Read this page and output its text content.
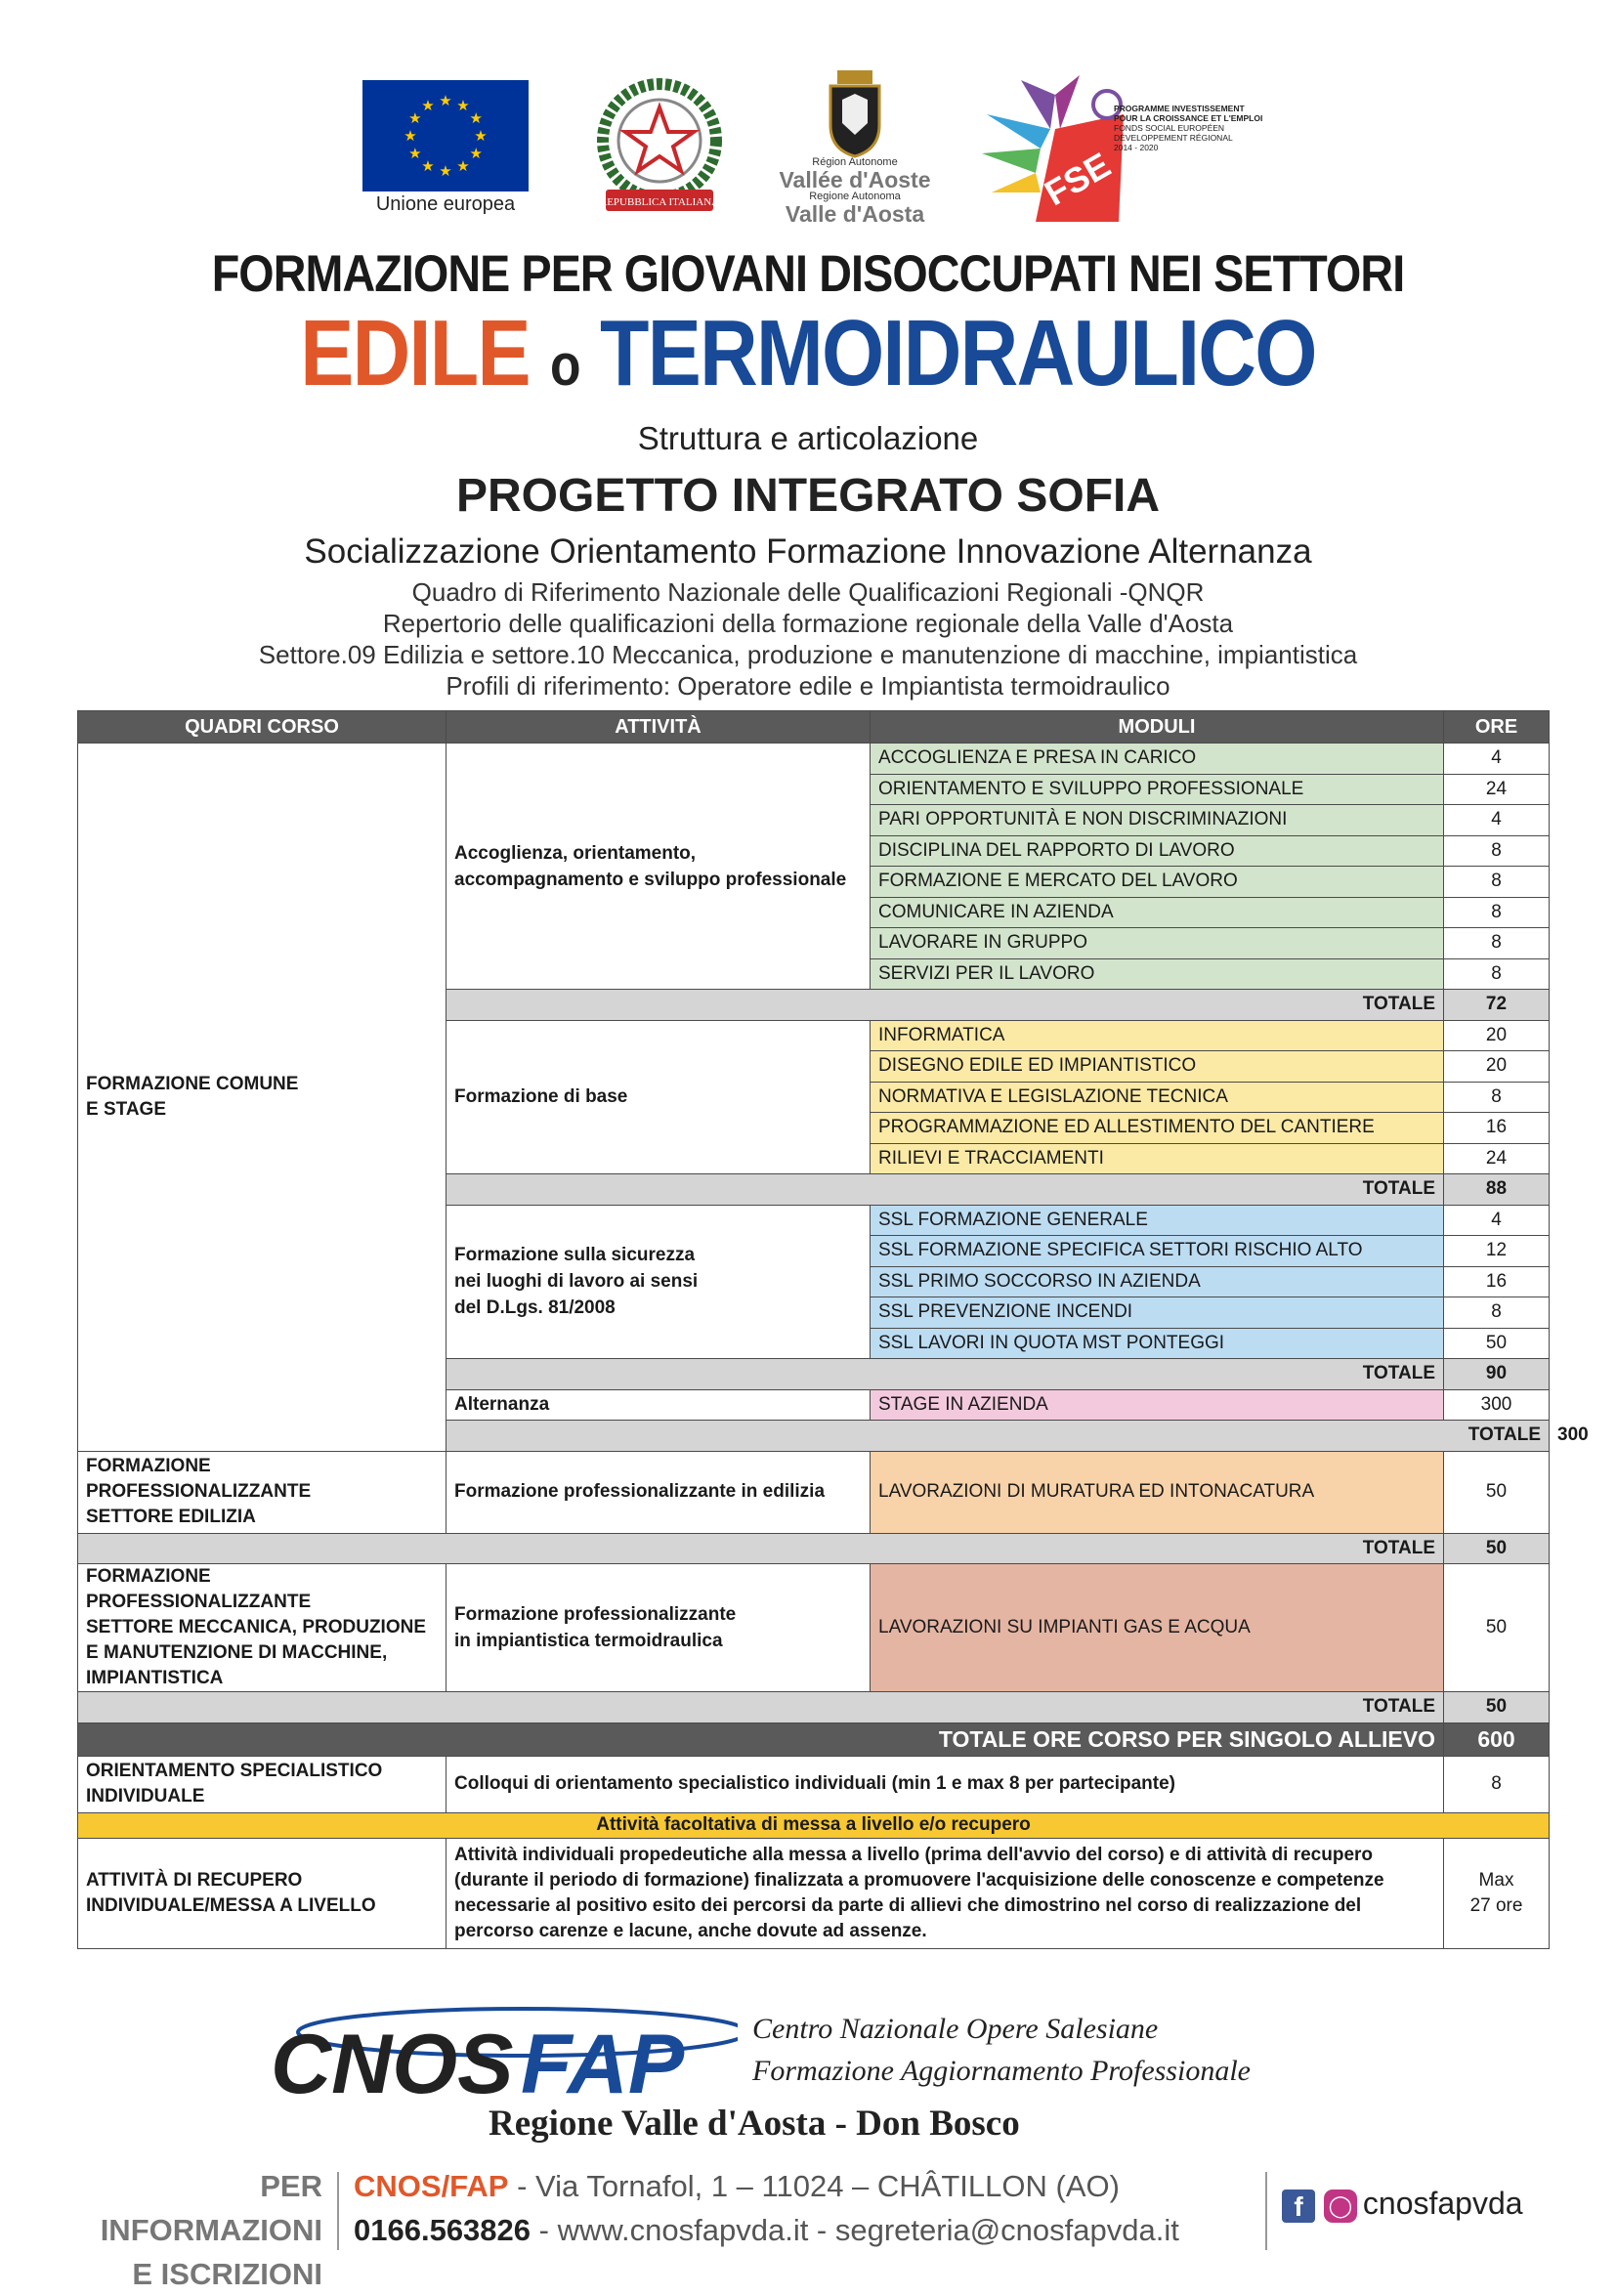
★
★
★
★
★
★
★
★
★ ★ ★
★
Unione europea	REPUBBLICA ITALIANA
Région Autonome
Vallée d'Aoste
Regione Autonoma
Valle d'Aosta
FSE
PROGRAMME INVESTISSEMENT
POUR LA CROISSANCE ET L'EMPLOI
FONDS SOCIAL EUROPÉEN
DÉVELOPPEMENT RÉGIONAL
2014 - 2020
FORMAZIONE PER GIOVANI DISOCCUPATI NEI SETTORI
EDILE o TERMOIDRAULICO
Struttura e articolazione
PROGETTO INTEGRATO SOFIA
Socializzazione Orientamento Formazione Innovazione Alternanza
Quadro di Riferimento Nazionale delle Qualificazioni Regionali -QNQR
Repertorio delle qualificazioni della formazione regionale della Valle d'Aosta
Settore.09 Edilizia e settore.10 Meccanica, produzione e manutenzione di macchine, impiantistica
Profili di riferimento: Operatore edile e Impiantista termoidraulico
QUADRI CORSO	ATTIVITÀ	MODULI	ORE	
FORMAZIONE COMUNE
E STAGE	Accoglienza, orientamento,
accompagnamento e sviluppo professionale	ACCOGLIENZA E PRESA IN CARICO	4	
		ORIENTAMENTO E SVILUPPO PROFESSIONALE	24	
		PARI OPPORTUNITÀ E NON DISCRIMINAZIONI	4	
		DISCIPLINA DEL RAPPORTO DI LAVORO	8	
		FORMAZIONE E MERCATO DEL LAVORO	8	
		COMUNICARE IN AZIENDA	8	
		LAVORARE IN GRUPPO	8	
		SERVIZI PER IL LAVORO	8	
	TOTALE		72	
	Formazione di base	INFORMATICA	20	
		DISEGNO EDILE ED IMPIANTISTICO	20	
		NORMATIVA E LEGISLAZIONE TECNICA	8	
		PROGRAMMAZIONE ED ALLESTIMENTO DEL CANTIERE	16	
		RILIEVI E TRACCIAMENTI	24	
	TOTALE		88	
	Formazione sulla sicurezza
nei luoghi di lavoro ai sensi
del D.Lgs. 81/2008	SSL FORMAZIONE GENERALE	4	
		SSL FORMAZIONE SPECIFICA SETTORI RISCHIO ALTO	12	
		SSL PRIMO SOCCORSO IN AZIENDA	16	
		SSL PREVENZIONE INCENDI	8	
		SSL LAVORI IN QUOTA MST PONTEGGI	50	
	TOTALE		90	
	Alternanza	STAGE IN AZIENDA	300	
	TOTALE			300
FORMAZIONE
PROFESSIONALIZZANTE
SETTORE EDILIZIA	Formazione professionalizzante in edilizia	LAVORAZIONI DI MURATURA ED INTONACATURA	50	
TOTALE			50	
FORMAZIONE PROFESSIONALIZZANTE
SETTORE MECCANICA, PRODUZIONE
E MANUTENZIONE DI MACCHINE,
IMPIANTISTICA	Formazione professionalizzante
in impiantistica termoidraulica	LAVORAZIONI SU IMPIANTI GAS E ACQUA	50	
TOTALE			50	
TOTALE ORE CORSO PER SINGOLO ALLIEVO			600	
ORIENTAMENTO SPECIALISTICO
INDIVIDUALE	Colloqui di orientamento specialistico individuali (min 1 e max 8 per partecipante)		8	
Attività facoltativa di messa a livello e/o recupero				
ATTIVITÀ DI RECUPERO
INDIVIDUALE/MESSA A LIVELLO	Attività individuali propedeutiche alla messa a livello (prima dell'avvio del corso) e di attività di recupero (durante il periodo di formazione) finalizzata a promuovere l'acquisizione delle conoscenze e competenze necessarie al positivo esito dei percorsi da parte di allievi che dimostrino nel corso di realizzazione del percorso carenze e lacune, anche dovute ad assenze.		Max
27 ore	
CNOS FAP Centro Nazionale Opere Salesiane
Formazione Aggiornamento Professionale
Regione Valle d'Aosta - Don Bosco
PER INFORMAZIONI
E ISCRIZIONI
CNOS/FAP - Via Tornafol, 1 – 11024 – CHÂTILLON (AO)
0166.563826 - www.cnosfapvda.it - segreteria@cnosfapvda.it
f ◯ cnosfapvda
